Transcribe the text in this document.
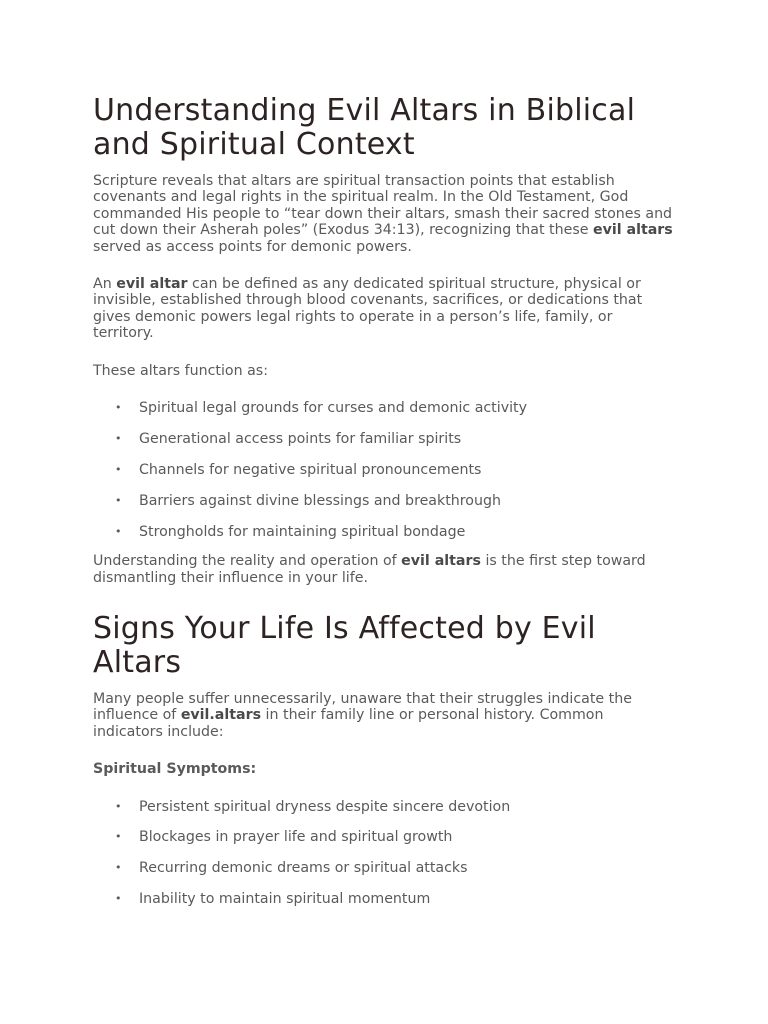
Understanding Evil Altars in Biblical and Spiritual Context

Scripture reveals that altars are spiritual transaction points that establish covenants and legal rights in the spiritual realm. In the Old Testament, God commanded His people to “tear down their altars, smash their sacred stones and cut down their Asherah poles” (Exodus 34:13), recognizing that these evil altars served as access points for demonic powers.

An evil altar can be defined as any dedicated spiritual structure, physical or invisible, established through blood covenants, sacrifices, or dedications that gives demonic powers legal rights to operate in a person’s life, family, or territory.

These altars function as:

• Spiritual legal grounds for curses and demonic activity
• Generational access points for familiar spirits
• Channels for negative spiritual pronouncements
• Barriers against divine blessings and breakthrough
• Strongholds for maintaining spiritual bondage

Understanding the reality and operation of evil altars is the first step toward dismantling their influence in your life.

Signs Your Life Is Affected by Evil Altars

Many people suffer unnecessarily, unaware that their struggles indicate the influence of evil.altars in their family line or personal history. Common indicators include:

Spiritual Symptoms:

• Persistent spiritual dryness despite sincere devotion
• Blockages in prayer life and spiritual growth
• Recurring demonic dreams or spiritual attacks
• Inability to maintain spiritual momentum
